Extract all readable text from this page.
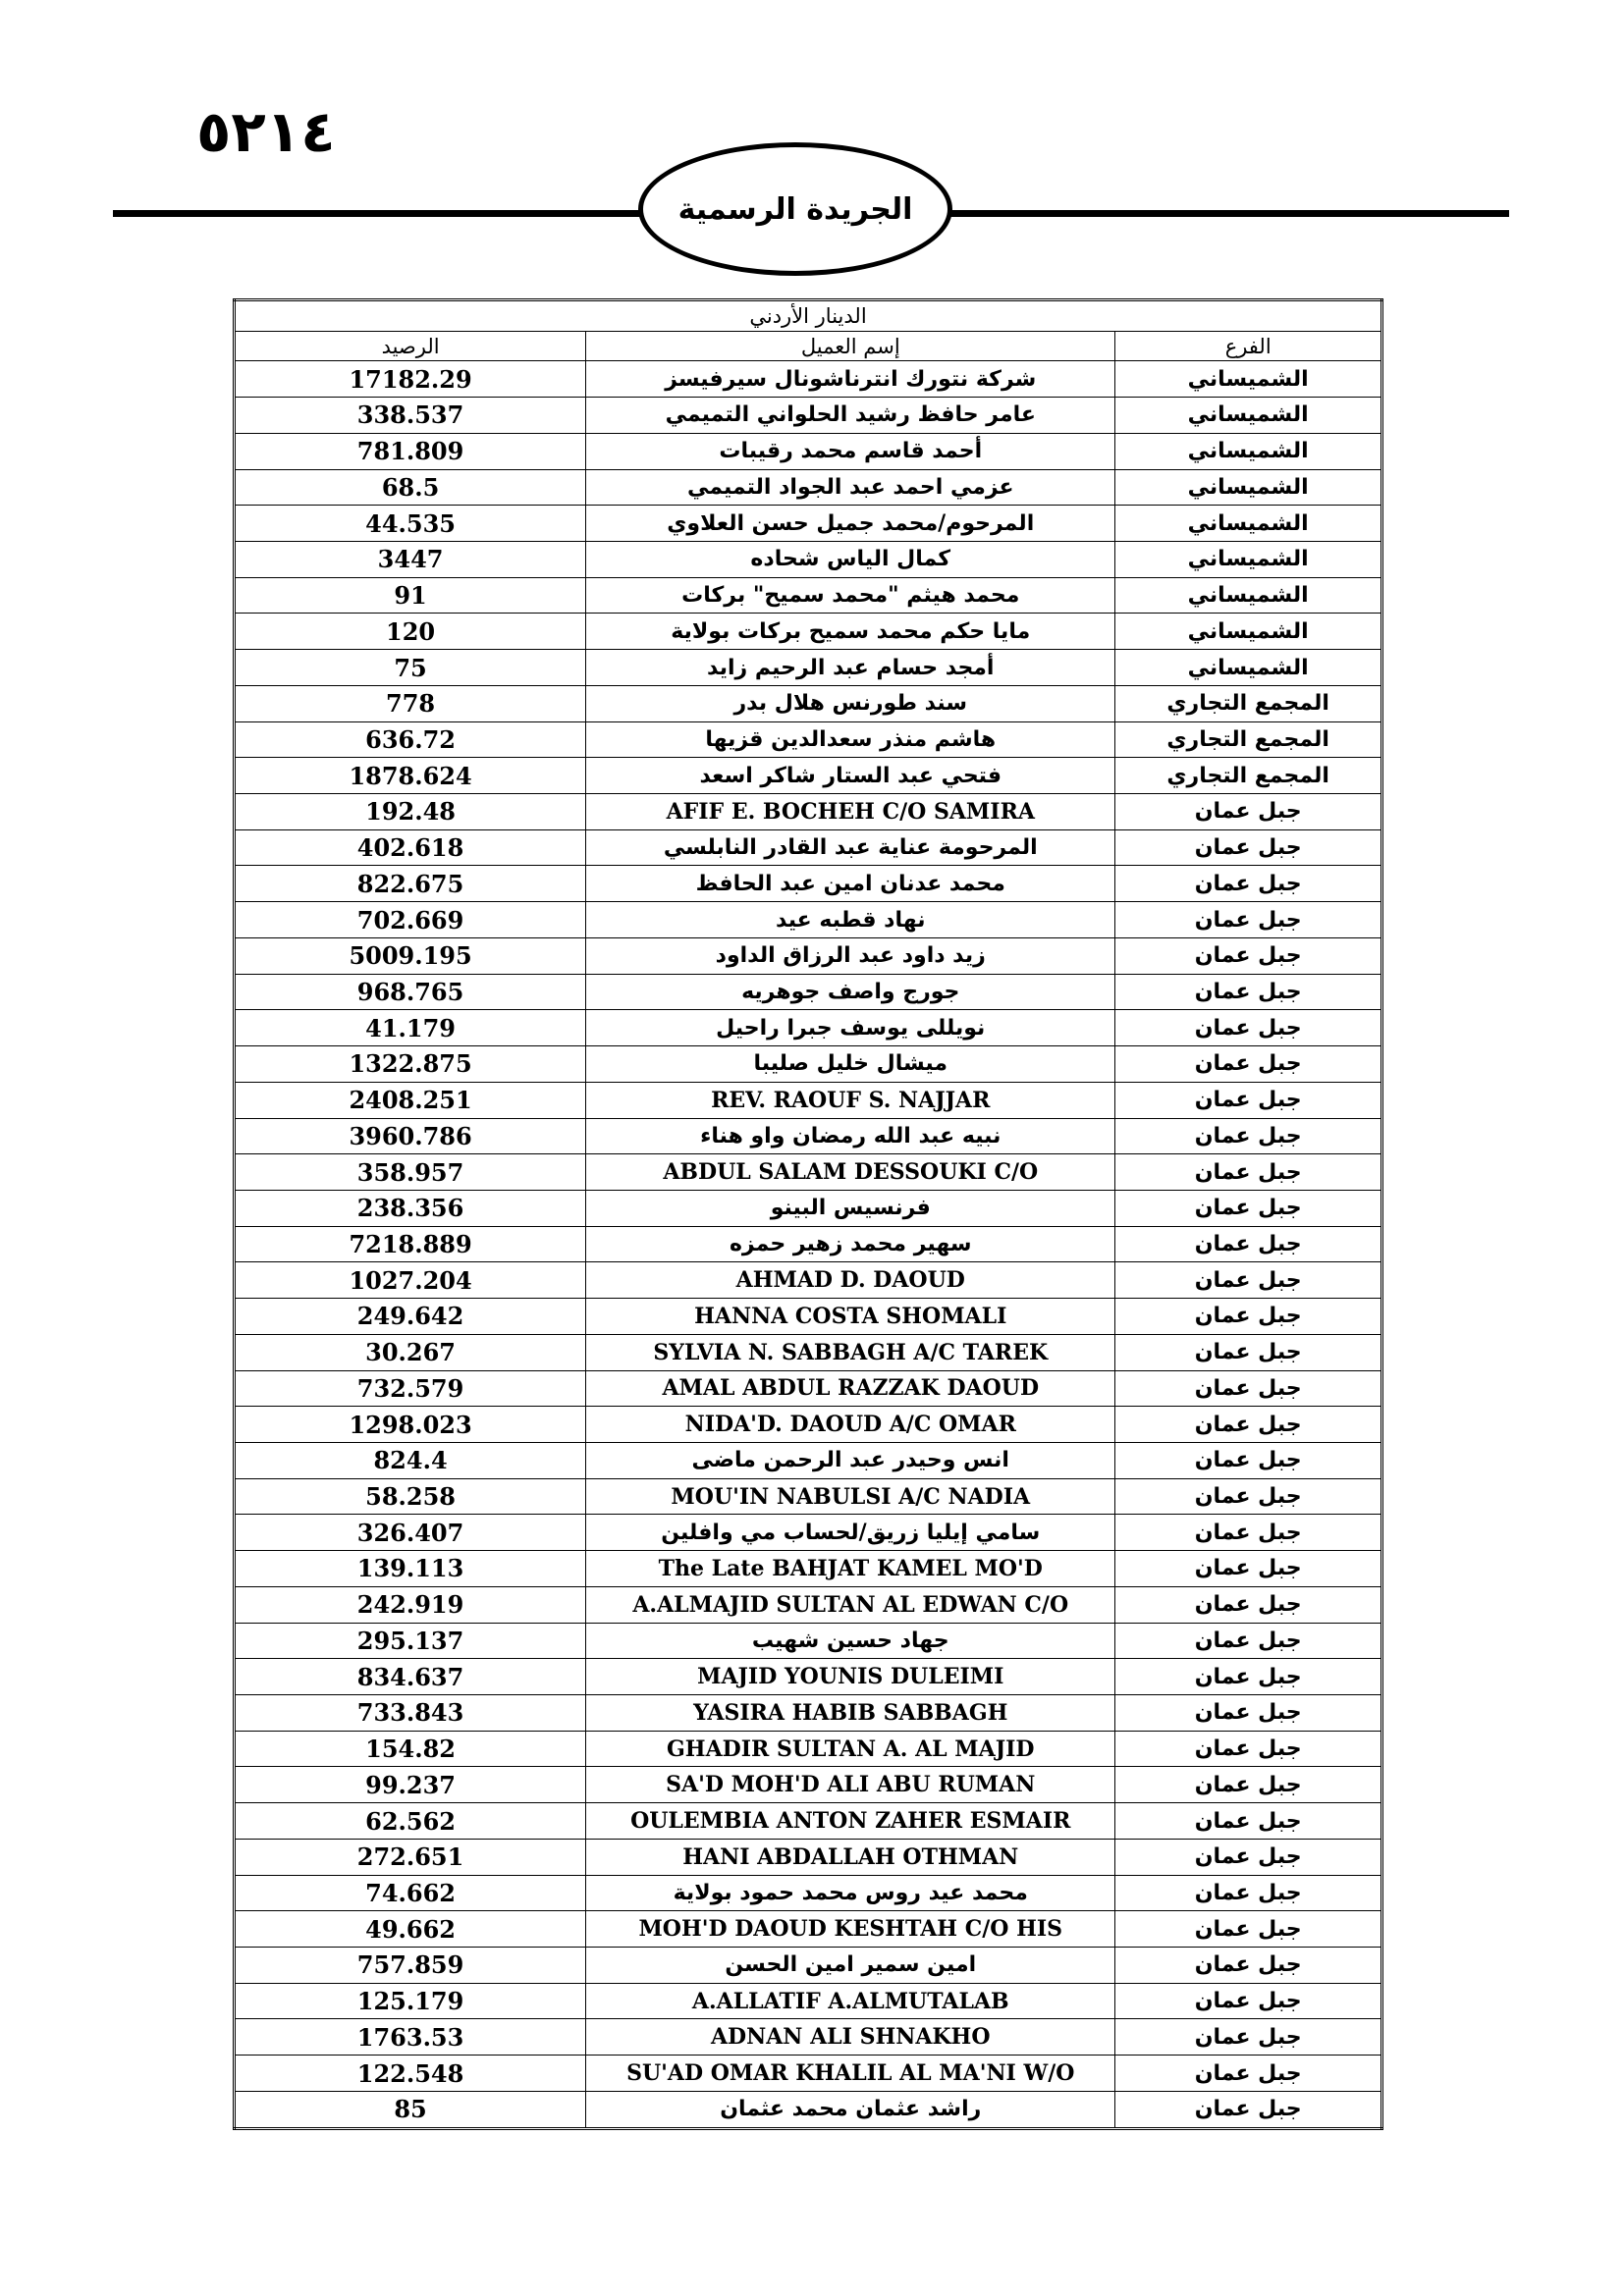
٥٢١٤
الجريدة الرسمية
الدينار الأردني		
الرصيد	إسم العميل	الفرع
17182.29	شركة نتورك انترناشونال سيرفيسز	الشميساني
338.537	عامر حافظ رشيد الحلواني التميمي	الشميساني
781.809	أحمد قاسم محمد رقيبات	الشميساني
68.5	عزمي احمد عبد الجواد التميمي	الشميساني
44.535	المرحوم/محمد جميل حسن العلاوي	الشميساني
3447	كمال الياس شحاده	الشميساني
91	محمد هيثم "محمد سميح" بركات	الشميساني
120	مايا حكم محمد سميح بركات بولاية	الشميساني
75	أمجد حسام عبد الرحيم زايد	الشميساني
778	سند طورنس هلال بدر	المجمع التجاري
636.72	هاشم منذر سعدالدين قزيها	المجمع التجاري
1878.624	فتحي عبد الستار شاكر اسعد	المجمع التجاري
192.48	AFIF E. BOCHEH C/O SAMIRA	جبل عمان
402.618	المرحومة عناية عبد القادر النابلسي	جبل عمان
822.675	محمد عدنان امين عبد الحافظ	جبل عمان
702.669	نهاد قطبه عيد	جبل عمان
5009.195	زيد داود عبد الرزاق الداود	جبل عمان
968.765	جورج واصف جوهريه	جبل عمان
41.179	نويللى يوسف جبرا راحيل	جبل عمان
1322.875	ميشال خليل صليبا	جبل عمان
2408.251	REV. RAOUF S. NAJJAR	جبل عمان
3960.786	نبيه عبد الله رمضان واو هناء	جبل عمان
358.957	ABDUL SALAM DESSOUKI C/O	جبل عمان
238.356	فرنسيس البينو	جبل عمان
7218.889	سهير محمد زهير حمزه	جبل عمان
1027.204	AHMAD D. DAOUD	جبل عمان
249.642	HANNA COSTA SHOMALI	جبل عمان
30.267	SYLVIA N. SABBAGH A/C TAREK	جبل عمان
732.579	AMAL ABDUL RAZZAK DAOUD	جبل عمان
1298.023	NIDA'D. DAOUD A/C OMAR	جبل عمان
824.4	انس وحيدر عبد الرحمن ماضى	جبل عمان
58.258	MOU'IN NABULSI A/C NADIA	جبل عمان
326.407	سامي إيليا زريق/لحساب مي وافلين	جبل عمان
139.113	The Late BAHJAT KAMEL MO'D	جبل عمان
242.919	A.ALMAJID SULTAN AL EDWAN C/O	جبل عمان
295.137	جهاد حسين شهيب	جبل عمان
834.637	MAJID YOUNIS DULEIMI	جبل عمان
733.843	YASIRA HABIB SABBAGH	جبل عمان
154.82	GHADIR SULTAN A. AL MAJID	جبل عمان
99.237	SA'D MOH'D ALI ABU RUMAN	جبل عمان
62.562	OULEMBIA ANTON ZAHER ESMAIR	جبل عمان
272.651	HANI ABDALLAH OTHMAN	جبل عمان
74.662	محمد عيد روس محمد حمود بولاية	جبل عمان
49.662	MOH'D DAOUD KESHTAH C/O HIS	جبل عمان
757.859	امين سمير امين الحسن	جبل عمان
125.179	A.ALLATIF A.ALMUTALAB	جبل عمان
1763.53	ADNAN ALI SHNAKHO	جبل عمان
122.548	SU'AD OMAR KHALIL AL MA'NI W/O	جبل عمان
85	راشد عثمان محمد عثمان	جبل عمان
